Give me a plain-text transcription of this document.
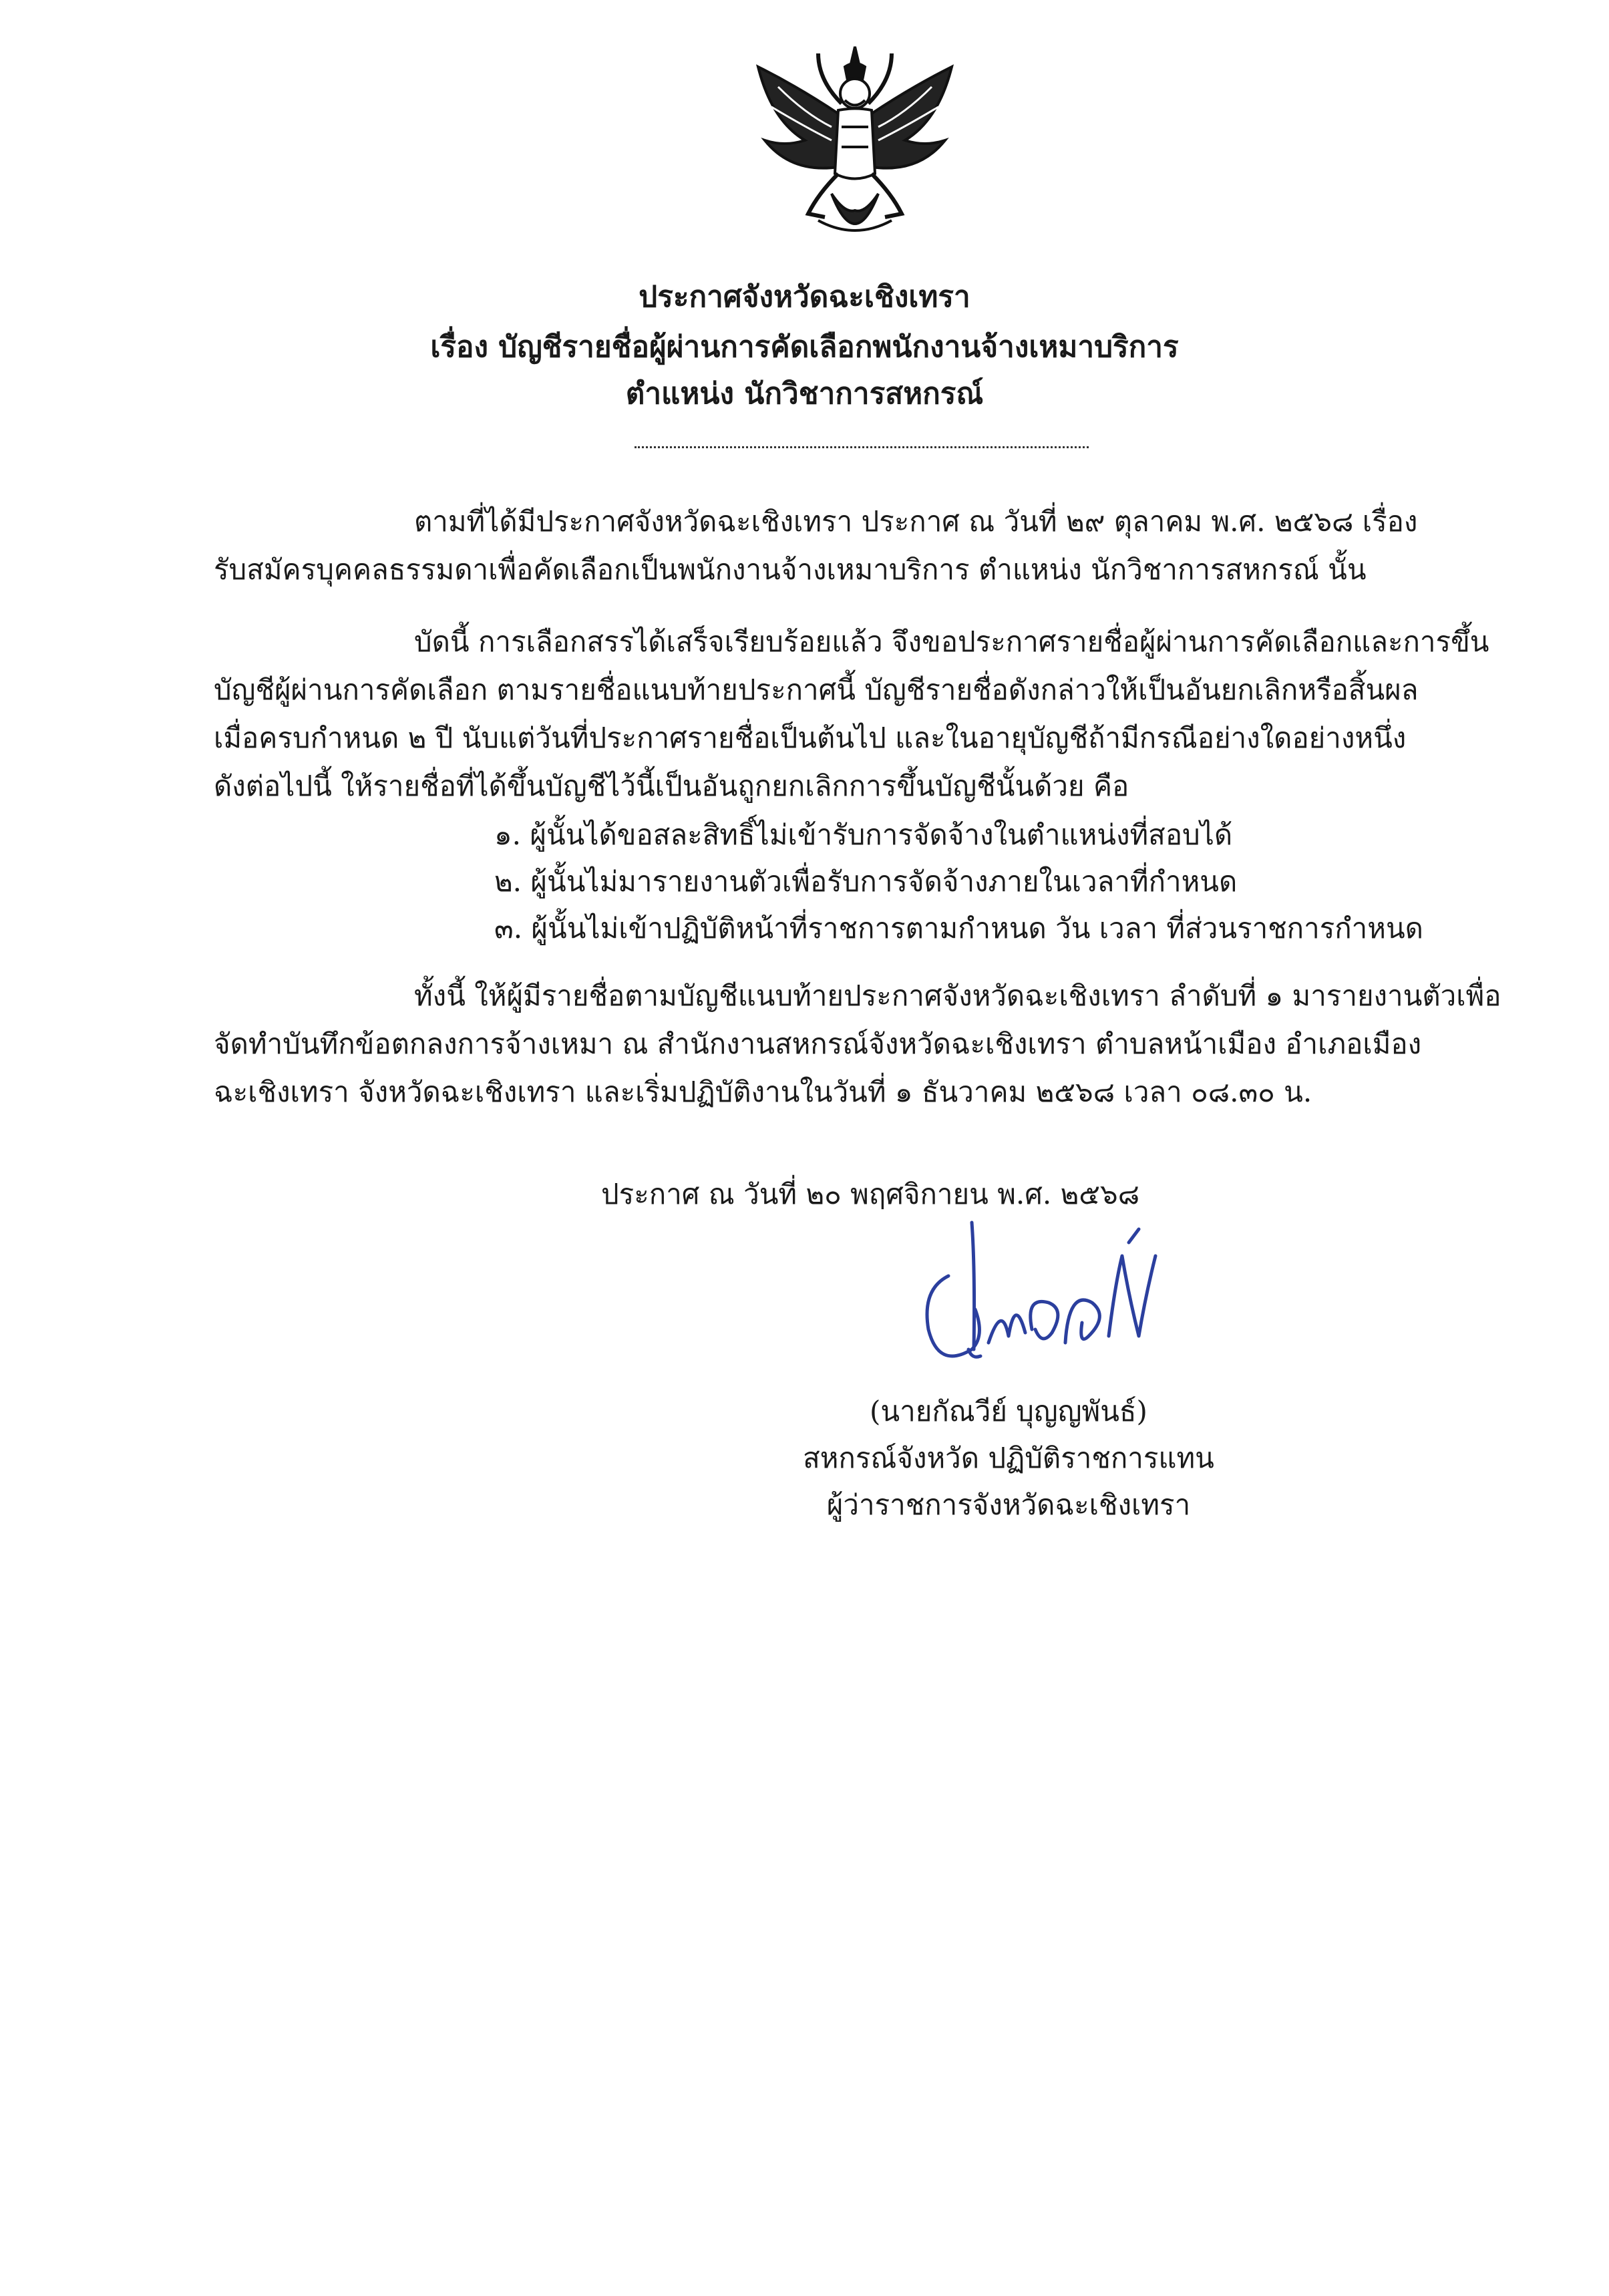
ประกาศจังหวัดฉะเชิงเทรา
เรื่อง บัญชีรายชื่อผู้ผ่านการคัดเลือกพนักงานจ้างเหมาบริการ
ตำแหน่ง นักวิชาการสหกรณ์
ตามที่ได้มีประกาศจังหวัดฉะเชิงเทรา ประกาศ ณ วันที่ ๒๙ ตุลาคม พ.ศ. ๒๕๖๘ เรื่อง
รับสมัครบุคคลธรรมดาเพื่อคัดเลือกเป็นพนักงานจ้างเหมาบริการ ตำแหน่ง นักวิชาการสหกรณ์ นั้น
บัดนี้ การเลือกสรรได้เสร็จเรียบร้อยแล้ว จึงขอประกาศรายชื่อผู้ผ่านการคัดเลือกและการขึ้น
บัญชีผู้ผ่านการคัดเลือก ตามรายชื่อแนบท้ายประกาศนี้ บัญชีรายชื่อดังกล่าวให้เป็นอันยกเลิกหรือสิ้นผล
เมื่อครบกำหนด ๒ ปี นับแต่วันที่ประกาศรายชื่อเป็นต้นไป และในอายุบัญชีถ้ามีกรณีอย่างใดอย่างหนึ่ง
ดังต่อไปนี้ ให้รายชื่อที่ได้ขึ้นบัญชีไว้นี้เป็นอันถูกยกเลิกการขึ้นบัญชีนั้นด้วย คือ
๑. ผู้นั้นได้ขอสละสิทธิ์ไม่เข้ารับการจัดจ้างในตำแหน่งที่สอบได้
๒. ผู้นั้นไม่มารายงานตัวเพื่อรับการจัดจ้างภายในเวลาที่กำหนด
๓. ผู้นั้นไม่เข้าปฏิบัติหน้าที่ราชการตามกำหนด วัน เวลา ที่ส่วนราชการกำหนด
ทั้งนี้ ให้ผู้มีรายชื่อตามบัญชีแนบท้ายประกาศจังหวัดฉะเชิงเทรา ลำดับที่ ๑ มารายงานตัวเพื่อ
จัดทำบันทึกข้อตกลงการจ้างเหมา ณ สำนักงานสหกรณ์จังหวัดฉะเชิงเทรา ตำบลหน้าเมือง อำเภอเมือง
ฉะเชิงเทรา จังหวัดฉะเชิงเทรา และเริ่มปฏิบัติงานในวันที่ ๑ ธันวาคม ๒๕๖๘ เวลา ๐๘.๓๐ น.
ประกาศ ณ วันที่ ๒๐ พฤศจิกายน พ.ศ. ๒๕๖๘
(นายกัณวีย์ บุญญพันธ์)
สหกรณ์จังหวัด ปฏิบัติราชการแทน
ผู้ว่าราชการจังหวัดฉะเชิงเทรา
